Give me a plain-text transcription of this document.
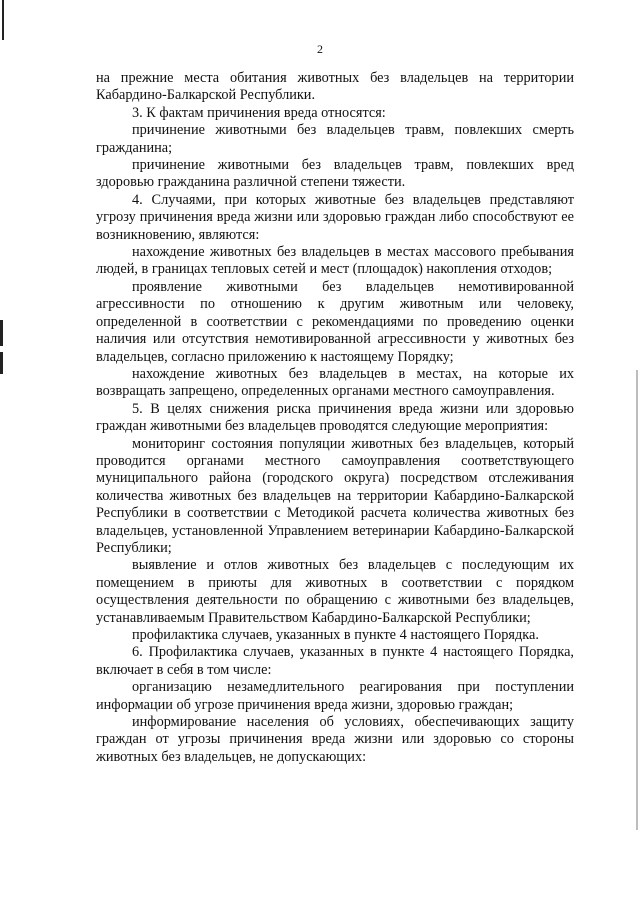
2

на прежние места обитания животных без владельцев на территории Кабардино-Балкарской Республики.

3. К фактам причинения вреда относятся:

причинение животными без владельцев травм, повлекших смерть гражданина;

причинение животными без владельцев травм, повлекших вред здоровью гражданина различной степени тяжести.

4. Случаями, при которых животные без владельцев представляют угрозу причинения вреда жизни или здоровью граждан либо способствуют ее возникновению, являются:

нахождение животных без владельцев в местах массового пребывания людей, в границах тепловых сетей и мест (площадок) накопления отходов;

проявление животными без владельцев немотивированной агрессивности по отношению к другим животным или человеку, определенной в соответствии с рекомендациями по проведению оценки наличия или отсутствия немотивированной агрессивности у животных без владельцев, согласно приложению к настоящему Порядку;

нахождение животных без владельцев в местах, на которые их возвращать запрещено, определенных органами местного самоуправления.

5. В целях снижения риска причинения вреда жизни или здоровью граждан животными без владельцев проводятся следующие мероприятия:

мониторинг состояния популяции животных без владельцев, который проводится органами местного самоуправления соответствующего муниципального района (городского округа) посредством отслеживания количества животных без владельцев на территории Кабардино-Балкарской Республики в соответствии с Методикой расчета количества животных без владельцев, установленной Управлением ветеринарии Кабардино-Балкарской Республики;

выявление и отлов животных без владельцев с последующим их помещением в приюты для животных в соответствии с порядком осуществления деятельности по обращению с животными без владельцев, устанавливаемым Правительством Кабардино-Балкарской Республики;

профилактика случаев, указанных в пункте 4 настоящего Порядка.

6. Профилактика случаев, указанных в пункте 4 настоящего Порядка, включает в себя в том числе:

организацию незамедлительного реагирования при поступлении информации об угрозе причинения вреда жизни, здоровью граждан;

информирование населения об условиях, обеспечивающих защиту граждан от угрозы причинения вреда жизни или здоровью со стороны животных без владельцев, не допускающих:
